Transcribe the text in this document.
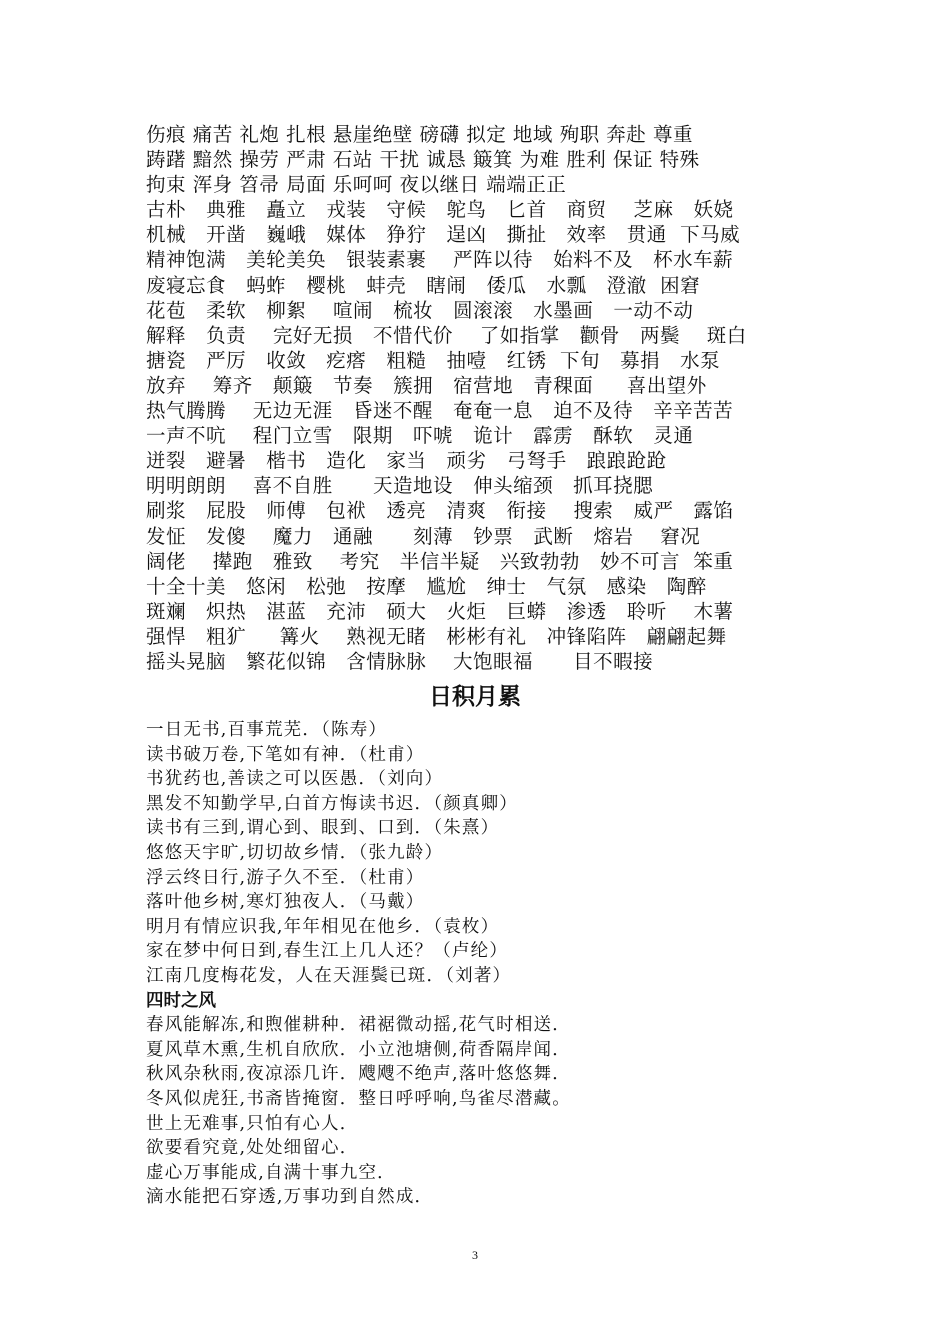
伤痕 痛苦 礼炮 扎根 悬崖绝壁 磅礴 拟定 地域 殉职 奔赴 尊重
踌躇 黯然 操劳 严肃 石站 干扰 诚恳 簸箕 为难 胜利 保证 特殊
拘束 浑身 笤帚 局面 乐呵呵 夜以继日 端端正正
古朴   典雅   矗立   戎装   守候   鸵鸟   匕首   商贸    芝麻   妖娆
机械   开凿   巍峨   媒体   狰狞   逞凶   撕扯   效率   贯通  下马威
精神饱满   美轮美奂   银装素裹    严阵以待   始料不及   杯水车薪
废寝忘食   蚂蚱   樱桃   蚌壳   瞎闹   倭瓜   水瓢   澄澈  困窘
花苞   柔软   柳絮    喧闹   梳妆   圆滚滚   水墨画   一动不动
解释   负责    完好无损   不惜代价    了如指掌   颧骨   两鬓    斑白
搪瓷   严厉   收敛   疙瘩   粗糙   抽噎   红锈  下旬   募捐   水泵
放弃    筹齐   颠簸   节奏   簇拥   宿营地   青稞面     喜出望外
热气腾腾    无边无涯   昏迷不醒   奄奄一息   迫不及待   辛辛苦苦
一声不吭    程门立雪   限期   吓唬   诡计   霹雳   酥软   灵通
迸裂   避暑   楷书   造化   家当   顽劣   弓弩手   踉踉跄跄
明明朗朗    喜不自胜      天造地设   伸头缩颈   抓耳挠腮
刷浆   屁股   师傅   包袱   透亮   清爽   衔接    搜索   威严   露馅
发怔   发傻    魔力   通融      刻薄   钞票   武断   熔岩    窘况
阔佬    撵跑   雅致    考究   半信半疑   兴致勃勃   妙不可言  笨重
十全十美   悠闲   松弛   按摩   尴尬   绅士   气氛   感染   陶醉
斑斓   炽热   湛蓝   充沛   硕大   火炬   巨蟒   渗透   聆听    木薯
强悍   粗犷     篝火    熟视无睹   彬彬有礼   冲锋陷阵   翩翩起舞
摇头晃脑   繁花似锦   含情脉脉    大饱眼福      目不暇接
日积月累
一日无书,百事荒芜．（陈寿）
读书破万卷,下笔如有神．（杜甫）
书犹药也,善读之可以医愚．（刘向）
黑发不知勤学早,白首方悔读书迟．（颜真卿）
读书有三到,谓心到、眼到、口到．（朱熹）
悠悠天宇旷,切切故乡情．（张九龄）
浮云终日行,游子久不至．（杜甫）
落叶他乡树,寒灯独夜人．（马戴）
明月有情应识我,年年相见在他乡．（袁枚）
家在梦中何日到,春生江上几人还？（卢纶）
江南几度梅花发，人在天涯鬓已斑．（刘著）
四时之风
春风能解冻,和煦催耕种．裙裾微动摇,花气时相送．
夏风草木熏,生机自欣欣．小立池塘侧,荷香隔岸闻．
秋风杂秋雨,夜凉添几许．飕飕不绝声,落叶悠悠舞．
冬风似虎狂,书斋皆掩窗．整日呼呼响,鸟雀尽潜藏。
世上无难事,只怕有心人．
欲要看究竟,处处细留心．
虚心万事能成,自满十事九空．
滴水能把石穿透,万事功到自然成．
3
